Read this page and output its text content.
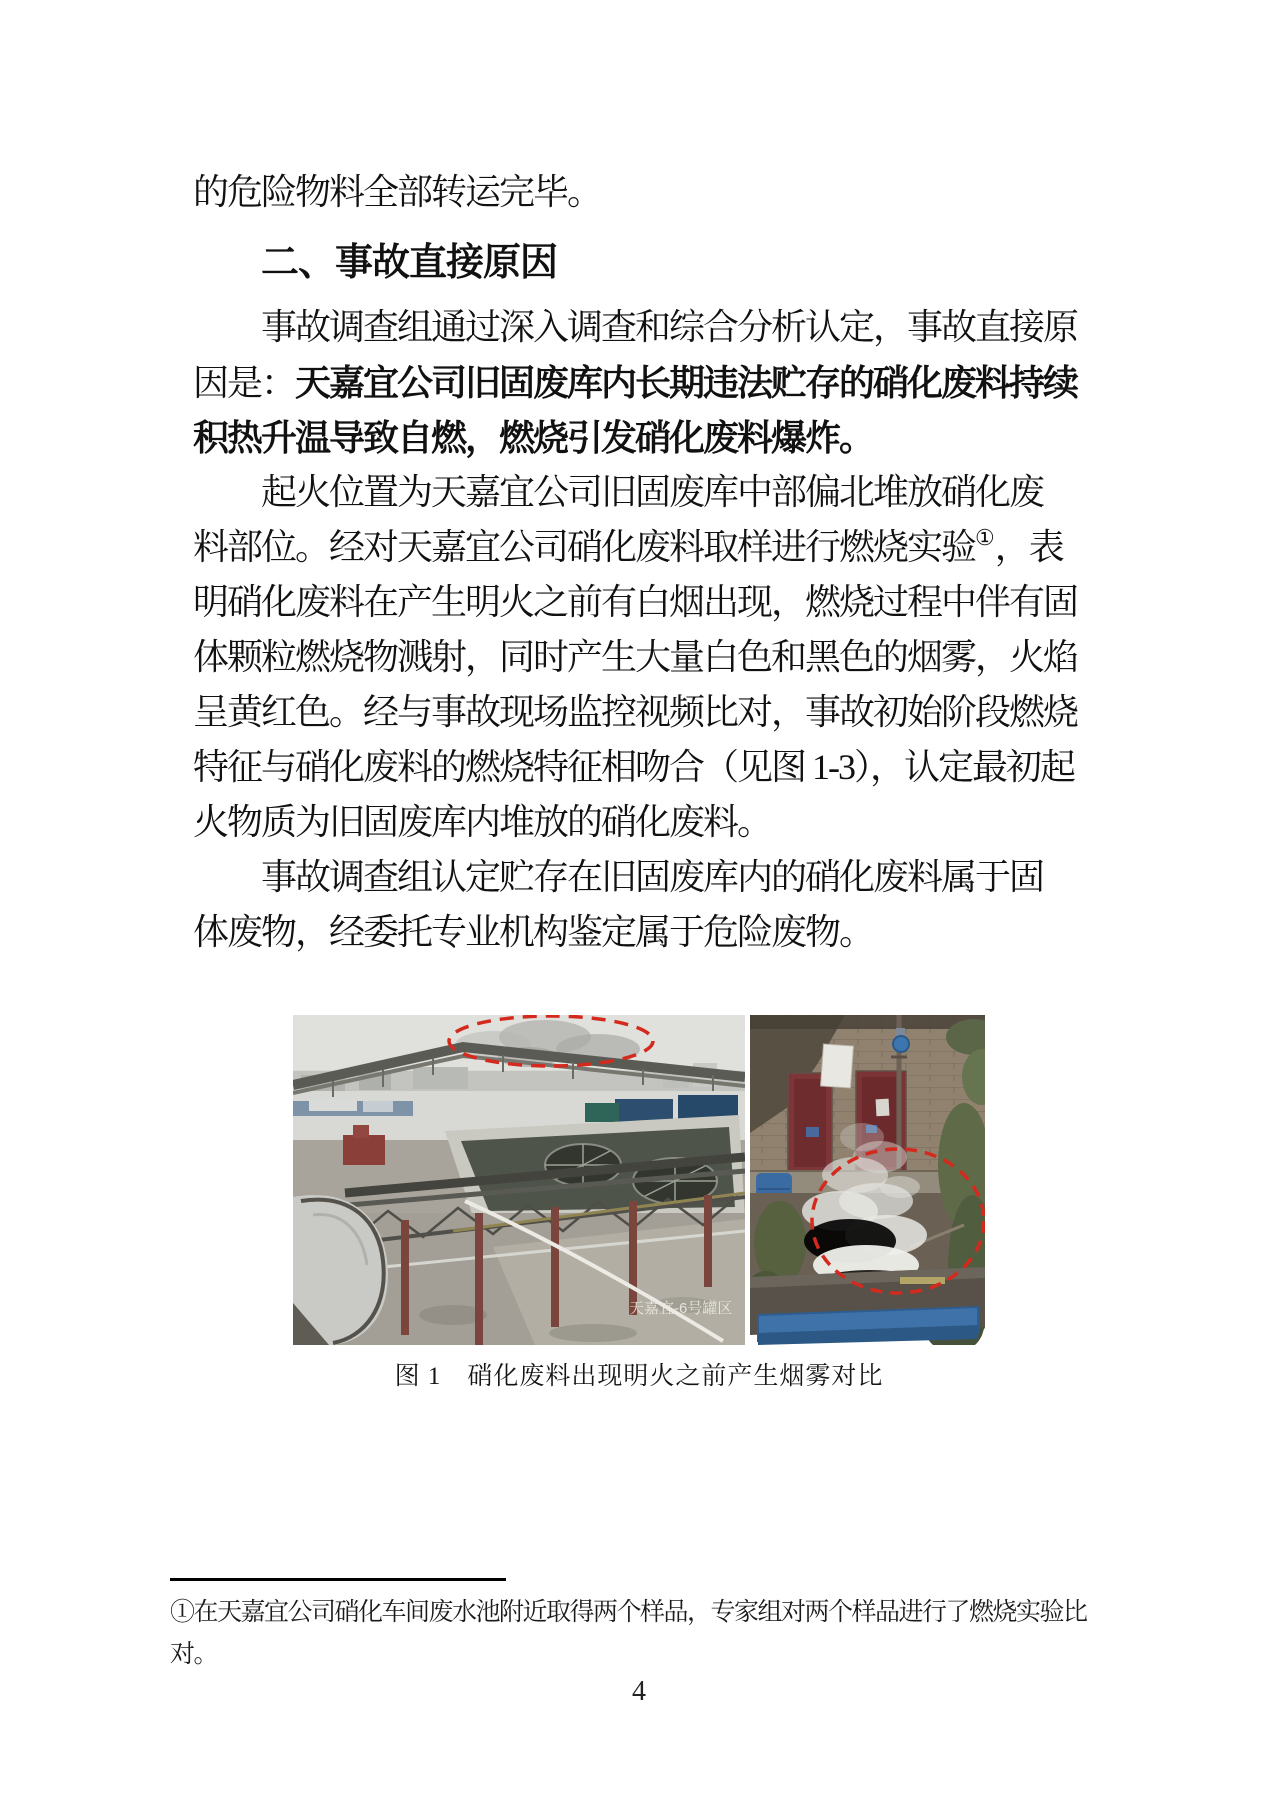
的危险物料全部转运完毕。
二、事故直接原因
事故调查组通过深入调查和综合分析认定，事故直接原
因是：天嘉宜公司旧固废库内长期违法贮存的硝化废料持续
积热升温导致自燃，燃烧引发硝化废料爆炸。
起火位置为天嘉宜公司旧固废库中部偏北堆放硝化废
料部位。经对天嘉宜公司硝化废料取样进行燃烧实验①，表
明硝化废料在产生明火之前有白烟出现，燃烧过程中伴有固
体颗粒燃烧物溅射，同时产生大量白色和黑色的烟雾，火焰
呈黄红色。经与事故现场监控视频比对，事故初始阶段燃烧
特征与硝化废料的燃烧特征相吻合（见图 1-3），认定最初起
火物质为旧固废库内堆放的硝化废料。
事故调查组认定贮存在旧固废库内的硝化废料属于固
体废物，经委托专业机构鉴定属于危险废物。
天嘉宜-6号罐区
图 1　硝化废料出现明火之前产生烟雾对比
①在天嘉宜公司硝化车间废水池附近取得两个样品，专家组对两个样品进行了燃烧实验比
对。
4
